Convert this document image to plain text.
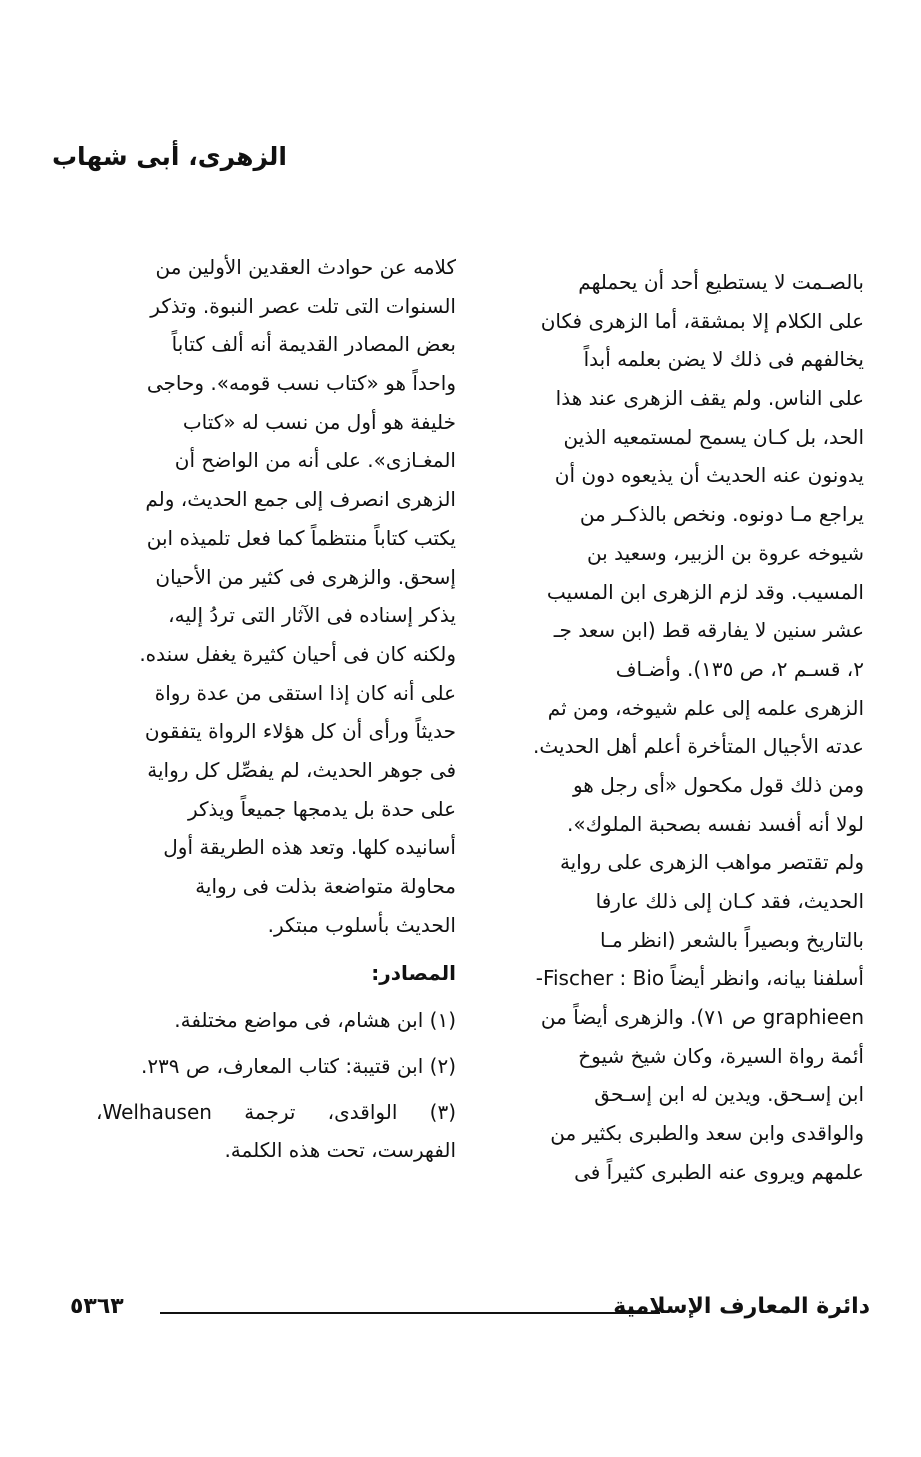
الزهرى، أبى شهاب
بالصـمت لا يستطيع أحد أن يحملهم
على الكلام إلا بمشقة، أما الزهرى فكان
يخالفهم فى ذلك لا يضن بعلمه أبداً
على الناس. ولم يقف الزهرى عند هذا
الحد، بل كـان يسمح لمستمعيه الذين
يدونون عنه الحديث أن يذيعوه دون أن
يراجع مـا دونوه. ونخص بالذكـر من
شيوخه عروة بن الزبير، وسعيد بن
المسيب. وقد لزم الزهرى ابن المسيب
عشر سنين لا يفارقه قط (ابن سعد جـ
٢، قسـم ٢، ص ١٣٥). وأضـاف
الزهرى علمه إلى علم شيوخه، ومن ثم
عدته الأجيال المتأخرة أعلم أهل الحديث.
ومن ذلك قول مكحول «أى رجل هو
لولا أنه أفسد نفسه بصحبة الملوك».
ولم تقتصر مواهب الزهرى على رواية
الحديث، فقد كـان إلى ذلك عارفا
بالتاريخ وبصيراً بالشعر (انظر مـا
أسلفنا بيانه، وانظر أيضاً Fischer : Bio-
graphieen ص ٧١). والزهرى أيضاً من
أئمة رواة السيرة، وكان شيخ شيوخ
ابن إسـحق. ويدين له ابن إسـحق
والواقدى وابن سعد والطبرى بكثير من
علمهم ويروى عنه الطبرى كثيراً فى
كلامه عن حوادث العقدين الأولين من
السنوات التى تلت عصر النبوة. وتذكر
بعض المصادر القديمة أنه ألف كتاباً
واحداً هو «كتاب نسب قومه». وحاجى
خليفة هو أول من نسب له «كتاب
المغـازى». على أنه من الواضح أن
الزهرى انصرف إلى جمع الحديث، ولم
يكتب كتاباً منتظماً كما فعل تلميذه ابن
إسحق. والزهرى فى كثير من الأحيان
يذكر إسناده فى الآثار التى تردُ إليه،
ولكنه كان فى أحيان كثيرة يغفل سنده.
على أنه كان إذا استقى من عدة رواة
حديثاً ورأى أن كل هؤلاء الرواة يتفقون
فى جوهر الحديث، لم يفصِّل كل رواية
على حدة بل يدمجها جميعاً ويذكر
أسانيده كلها. وتعد هذه الطريقة أول
محاولة متواضعة بذلت فى رواية
الحديث بأسلوب مبتكر.
المصادر:
(١) ابن هشام، فى مواضع مختلفة.
(٢) ابن قتيبة: كتاب المعارف، ص ٢٣٩.
(٣) الواقدى، ترجمة Welhausen، الفهرست، تحت هذه الكلمة.
دائرة المعارف الإسلامية
٥٣٦٣
